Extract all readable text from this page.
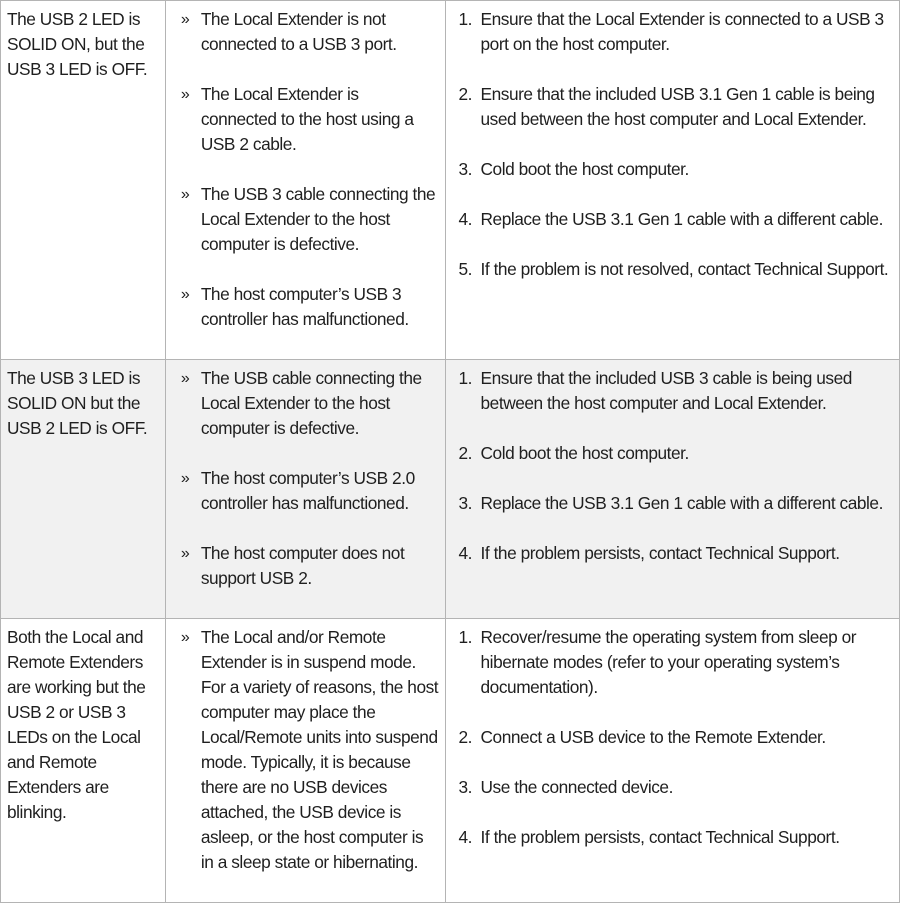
The USB 2 LED is SOLID ON, but the USB 3 LED is OFF.
» The Local Extender is not connected to a USB 3 port.
» The Local Extender is connected to the host using a USB 2 cable.
» The USB 3 cable connecting the Local Extender to the host computer is defective.
» The host computer’s USB 3 controller has malfunctioned.
1. Ensure that the Local Extender is connected to a USB 3 port on the host computer.
2. Ensure that the included USB 3.1 Gen 1 cable is being used between the host computer and Local Extender.
3. Cold boot the host computer.
4. Replace the USB 3.1 Gen 1 cable with a different cable.
5. If the problem is not resolved, contact Technical Support.
The USB 3 LED is SOLID ON but the USB 2 LED is OFF.
» The USB cable connecting the Local Extender to the host computer is defective.
» The host computer’s USB 2.0 controller has malfunctioned.
» The host computer does not support USB 2.
1. Ensure that the included USB 3 cable is being used between the host computer and Local Extender.
2. Cold boot the host computer.
3. Replace the USB 3.1 Gen 1 cable with a different cable.
4. If the problem persists, contact Technical Support.
Both the Local and Remote Extenders are working but the USB 2 or USB 3 LEDs on the Local and Remote Extenders are blinking.
» The Local and/or Remote Extender is in suspend mode. For a variety of reasons, the host computer may place the Local/Remote units into suspend mode. Typically, it is because there are no USB devices attached, the USB device is asleep, or the host computer is in a sleep state or hibernating.
1. Recover/resume the operating system from sleep or hibernate modes (refer to your operating system’s documentation).
2. Connect a USB device to the Remote Extender.
3. Use the connected device.
4. If the problem persists, contact Technical Support.
